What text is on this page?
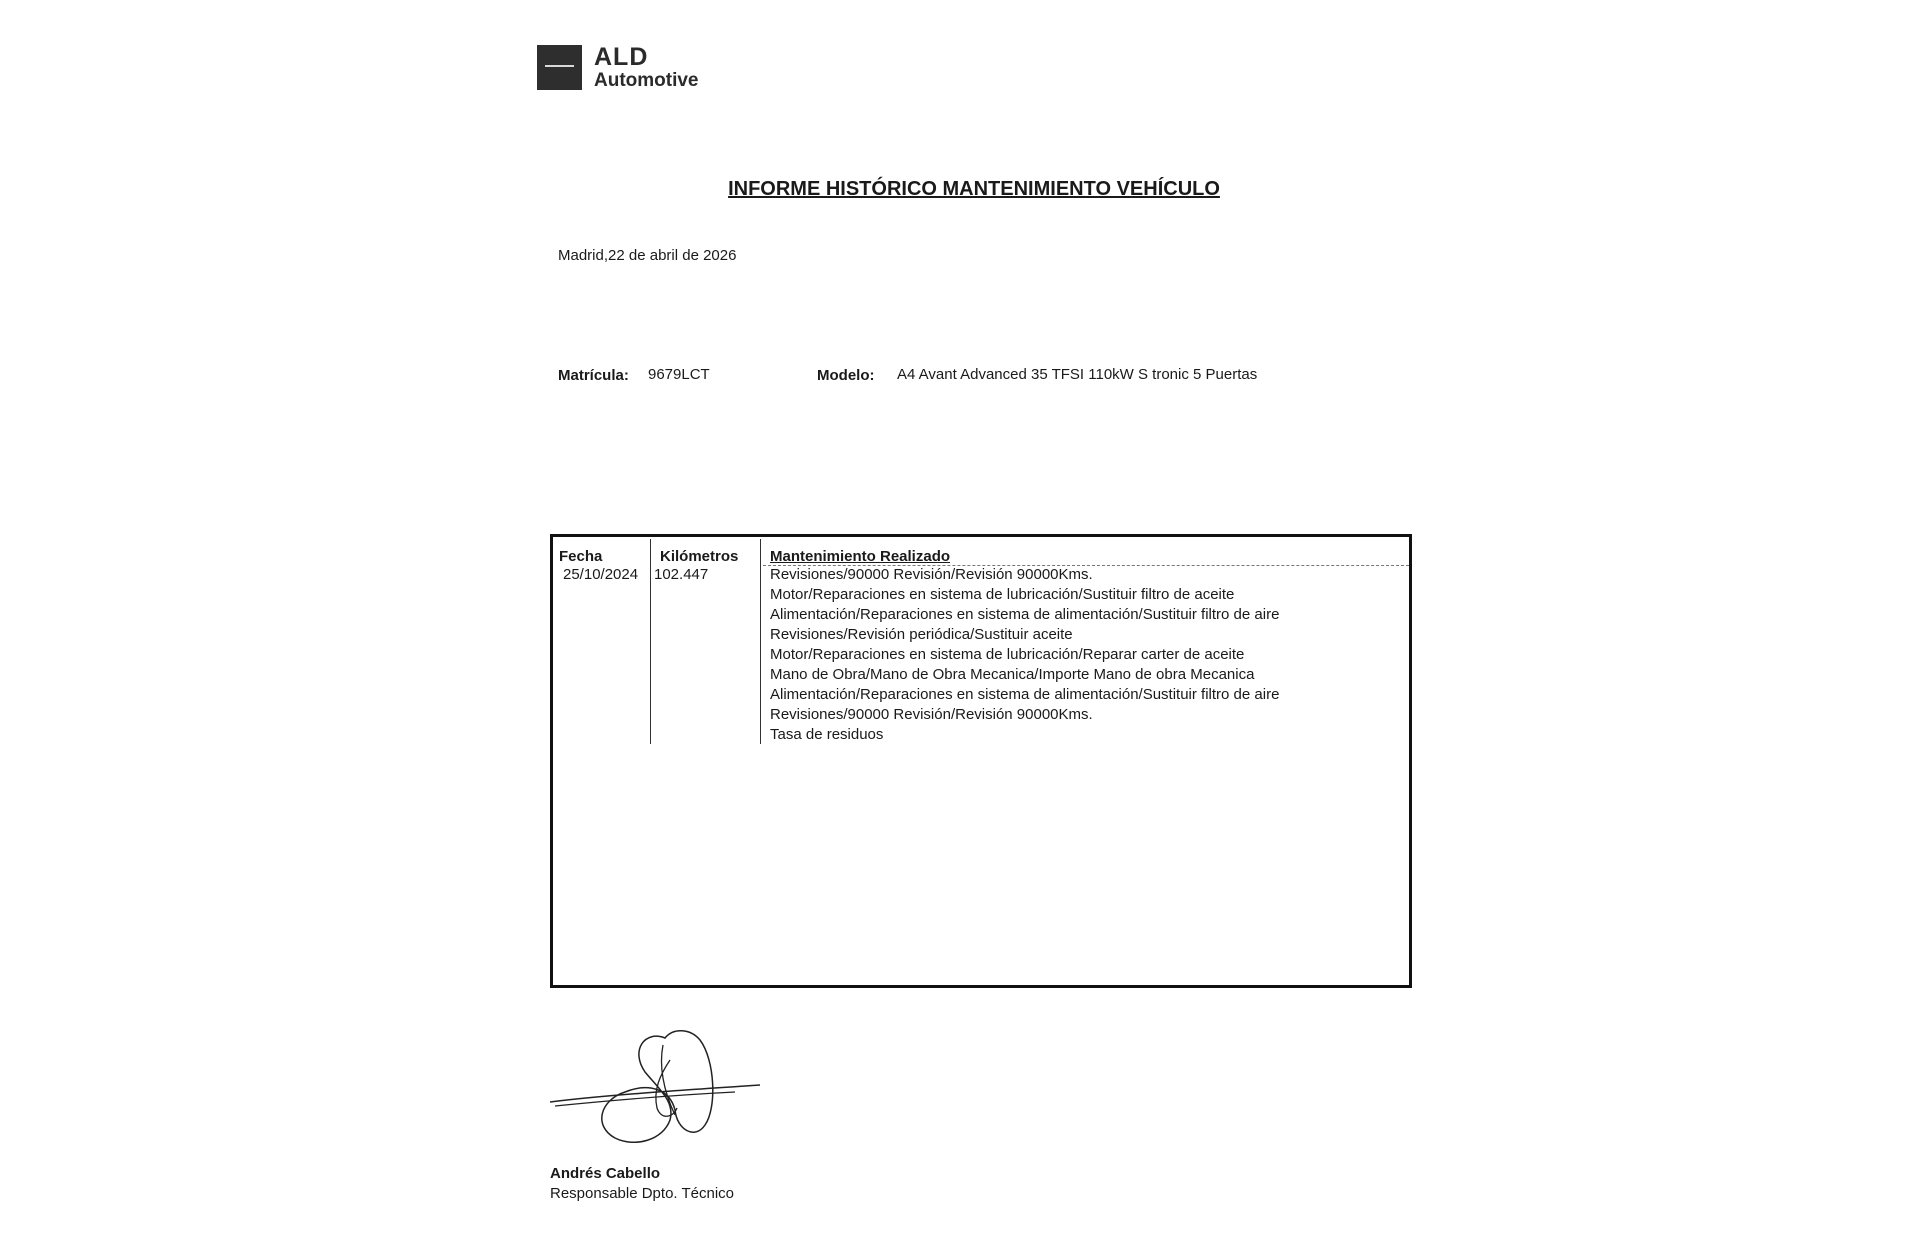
ALD
Automotive
INFORME HISTÓRICO MANTENIMIENTO VEHÍCULO
Madrid,22 de abril de 2026
Matrícula: 9679LCT	Modelo: A4 Avant Advanced 35 TFSI 110kW S tronic 5 Puertas
Fecha	Kilómetros Mantenimiento Realizado
25/10/2024 102.447	Revisiones/90000 Revisión/Revisión 90000Kms.
Motor/Reparaciones en sistema de lubricación/Sustituir filtro de aceite
Alimentación/Reparaciones en sistema de alimentación/Sustituir filtro de aire
Revisiones/Revisión periódica/Sustituir aceite
Motor/Reparaciones en sistema de lubricación/Reparar carter de aceite
Mano de Obra/Mano de Obra Mecanica/Importe Mano de obra Mecanica
Alimentación/Reparaciones en sistema de alimentación/Sustituir filtro de aire
Revisiones/90000 Revisión/Revisión 90000Kms.
Tasa de residuos
Andrés Cabello
Responsable Dpto. Técnico
